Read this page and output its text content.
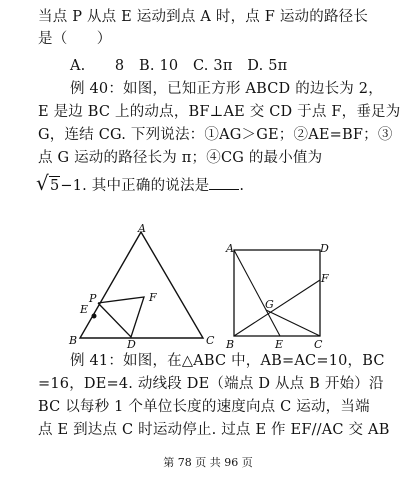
当点 P 从点 E 运动到点 A 时，点 F 运动的路径长
是（　　）
A.　　8　B. 10　C. 3π　D. 5π
例 40：如图，已知正方形 ABCD 的边长为 2，
E 是边 BC 上的动点，BF⊥AE 交 CD 于点 F，垂足为
G，连结 CG. 下列说法：①AG＞GE；②AE=BF；③
点 G 运动的路径长为 π；④CG 的最小值为
√5−1. 其中正确的说法是 .
A
B	C
D
E
F
P
A	D
B	C
E
F
G
例 41：如图，在△ABC 中，AB=AC=10，BC
=16，DE=4. 动线段 DE（端点 D 从点 B 开始）沿
BC 以每秒 1 个单位长度的速度向点 C 运动，当端
点 E 到达点 C 时运动停止. 过点 E 作 EF//AC 交 AB
第 78 页 共 96 页
